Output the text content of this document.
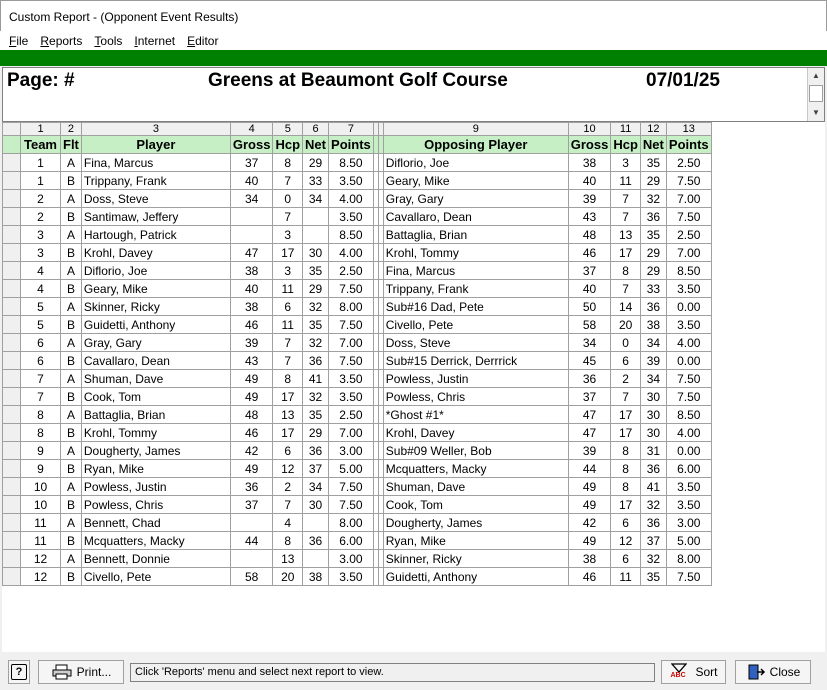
Custom Report - (Opponent Event Results)
File	Reports	Tools	Internet	Editor
Page: #	Greens at Beaumont Golf Course	07/01/25	▲
▼
	1	2	3	4	5	6	7			9	10	11	12	13
	Team	Flt	Player	Gross	Hcp	Net	Points			Opposing Player	Gross	Hcp	Net	Points
	1	A	Fina, Marcus	37	8	29	8.50			Diflorio, Joe	38	3	35	2.50
	1	B	Trippany, Frank	40	7	33	3.50			Geary, Mike	40	11	29	7.50
	2	A	Doss, Steve	34	0	34	4.00			Gray, Gary	39	7	32	7.00
	2	B	Santimaw, Jeffery		7		3.50			Cavallaro, Dean	43	7	36	7.50
	3	A	Hartough, Patrick		3		8.50			Battaglia, Brian	48	13	35	2.50
	3	B	Krohl, Davey	47	17	30	4.00			Krohl, Tommy	46	17	29	7.00
	4	A	Diflorio, Joe	38	3	35	2.50			Fina, Marcus	37	8	29	8.50
	4	B	Geary, Mike	40	11	29	7.50			Trippany, Frank	40	7	33	3.50
	5	A	Skinner, Ricky	38	6	32	8.00			Sub#16 Dad, Pete	50	14	36	0.00
	5	B	Guidetti, Anthony	46	11	35	7.50			Civello, Pete	58	20	38	3.50
	6	A	Gray, Gary	39	7	32	7.00			Doss, Steve	34	0	34	4.00
	6	B	Cavallaro, Dean	43	7	36	7.50			Sub#15 Derrick, Derrrick	45	6	39	0.00
	7	A	Shuman, Dave	49	8	41	3.50			Powless, Justin	36	2	34	7.50
	7	B	Cook, Tom	49	17	32	3.50			Powless, Chris	37	7	30	7.50
	8	A	Battaglia, Brian	48	13	35	2.50			*Ghost #1*	47	17	30	8.50
	8	B	Krohl, Tommy	46	17	29	7.00			Krohl, Davey	47	17	30	4.00
	9	A	Dougherty, James	42	6	36	3.00			Sub#09 Weller, Bob	39	8	31	0.00
	9	B	Ryan, Mike	49	12	37	5.00			Mcquatters, Macky	44	8	36	6.00
	10	A	Powless, Justin	36	2	34	7.50			Shuman, Dave	49	8	41	3.50
	10	B	Powless, Chris	37	7	30	7.50			Cook, Tom	49	17	32	3.50
	11	A	Bennett, Chad		4		8.00			Dougherty, James	42	6	36	3.00
	11	B	Mcquatters, Macky	44	8	36	6.00			Ryan, Mike	49	12	37	5.00
	12	A	Bennett, Donnie		13		3.00			Skinner, Ricky	38	6	32	8.00
	12	B	Civello, Pete	58	20	38	3.50			Guidetti, Anthony	46	11	35	7.50
?	Print...	Click 'Reports' menu and select next report to view.	ABC Sort	Close
